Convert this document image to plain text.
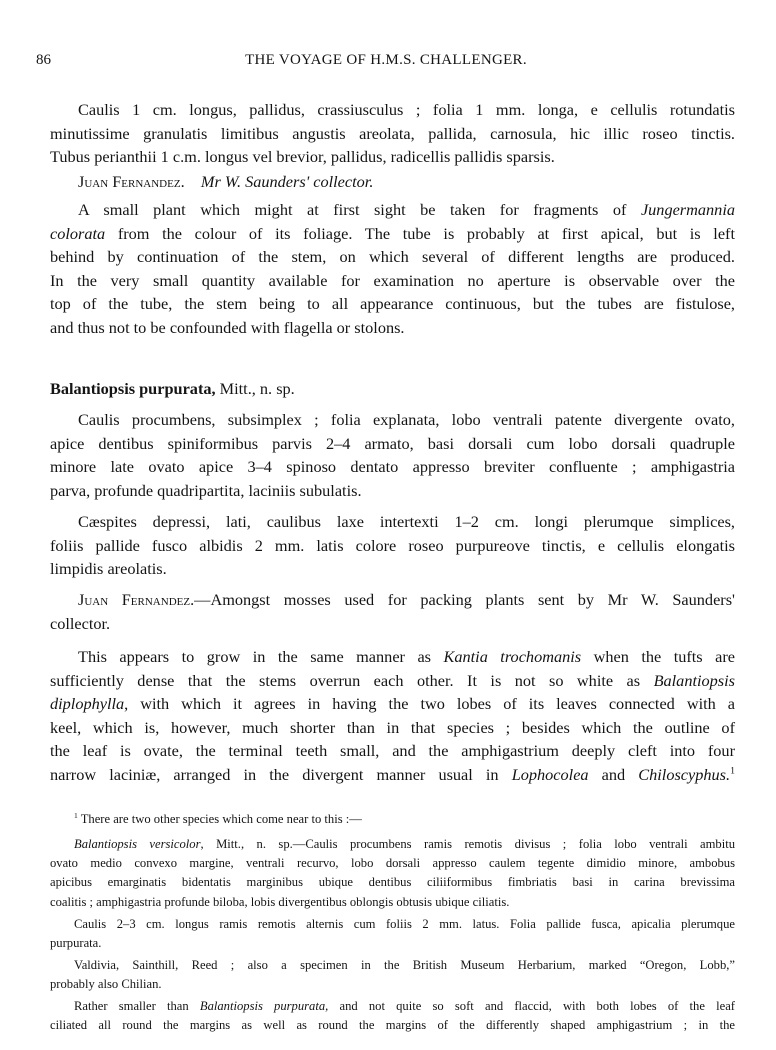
86	THE VOYAGE OF H.M.S. CHALLENGER.
Caulis 1 cm. longus, pallidus, crassiusculus ; folia 1 mm. longa, e cellulis rotundatis
minutissime granulatis limitibus angustis areolata, pallida, carnosula, hic illic roseo tinctis.
Tubus perianthii 1 c.m. longus vel brevior, pallidus, radicellis pallidis sparsis.
Juan Fernandez.  Mr W. Saunders' collector.
A small plant which might at first sight be taken for fragments of Jungermannia
colorata from the colour of its foliage. The tube is probably at first apical, but is left
behind by continuation of the stem, on which several of different lengths are produced.
In the very small quantity available for examination no aperture is observable over the
top of the tube, the stem being to all appearance continuous, but the tubes are fistulose,
and thus not to be confounded with flagella or stolons.
Balantiopsis purpurata, Mitt., n. sp.
Caulis procumbens, subsimplex ; folia explanata, lobo ventrali patente divergente ovato,
apice dentibus spiniformibus parvis 2–4 armato, basi dorsali cum lobo dorsali quadruple
minore late ovato apice 3–4 spinoso dentato appresso breviter confluente ; amphigastria
parva, profunde quadripartita, laciniis subulatis.
Cæspites depressi, lati, caulibus laxe intertexti 1–2 cm. longi plerumque simplices,
foliis pallide fusco albidis 2 mm. latis colore roseo purpureove tinctis, e cellulis elongatis
limpidis areolatis.
Juan Fernandez.—Amongst mosses used for packing plants sent by Mr W. Saunders'
collector.
This appears to grow in the same manner as Kantia trochomanis when the tufts are
sufficiently dense that the stems overrun each other. It is not so white as Balantiopsis
diplophylla, with which it agrees in having the two lobes of its leaves connected with a
keel, which is, however, much shorter than in that species ; besides which the outline of
the leaf is ovate, the terminal teeth small, and the amphigastrium deeply cleft into four
narrow laciniæ, arranged in the divergent manner usual in Lophocolea and Chiloscyphus.$^1$
$^1$ There are two other species which come near to this :—
Balantiopsis versicolor, Mitt., n. sp.—Caulis procumbens ramis remotis divisus ; folia lobo ventrali ambitu
ovato medio convexo margine, ventrali recurvo, lobo dorsali appresso caulem tegente dimidio minore, ambobus
apicibus emarginatis bidentatis marginibus ubique dentibus ciliiformibus fimbriatis basi in carina brevissima
coalitis ; amphigastria profunde biloba, lobis divergentibus oblongis obtusis ubique ciliatis.
Caulis 2–3 cm. longus ramis remotis alternis cum foliis 2 mm. latus. Folia pallide fusca, apicalia plerumque
purpurata.
Valdivia, Sainthill, Reed ; also a specimen in the British Museum Herbarium, marked “Oregon, Lobb,”
probably also Chilian.
Rather smaller than Balantiopsis purpurata, and not quite so soft and flaccid, with both lobes of the leaf
ciliated all round the margins as well as round the margins of the differently shaped amphigastrium ; in the
